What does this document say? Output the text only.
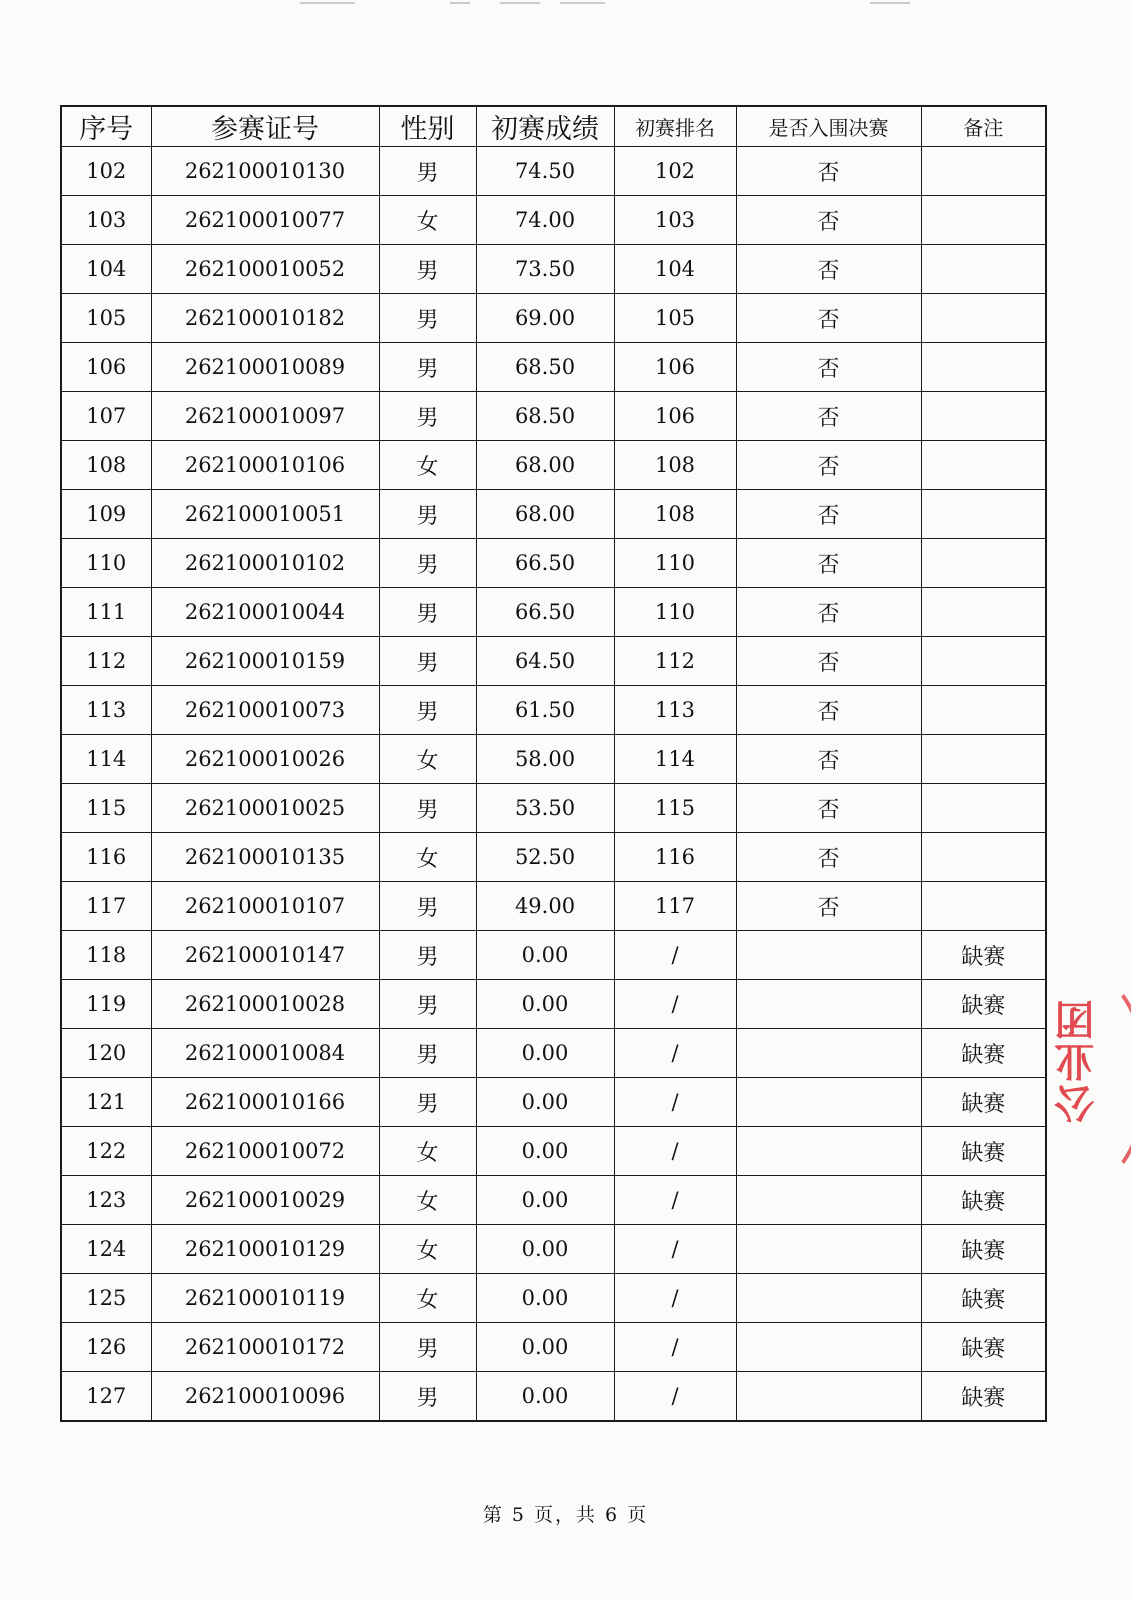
序号	参赛证号	性别	初赛成绩	初赛排名	是否入围决赛	备注
102	262100010130	男	74.50	102	否	
103	262100010077	女	74.00	103	否	
104	262100010052	男	73.50	104	否	
105	262100010182	男	69.00	105	否	
106	262100010089	男	68.50	106	否	
107	262100010097	男	68.50	106	否	
108	262100010106	女	68.00	108	否	
109	262100010051	男	68.00	108	否	
110	262100010102	男	66.50	110	否	
111	262100010044	男	66.50	110	否	
112	262100010159	男	64.50	112	否	
113	262100010073	男	61.50	113	否	
114	262100010026	女	58.00	114	否	
115	262100010025	男	53.50	115	否	
116	262100010135	女	52.50	116	否	
117	262100010107	男	49.00	117	否	
118	262100010147	男	0.00	/		缺赛
119	262100010028	男	0.00	/		缺赛
120	262100010084	男	0.00	/		缺赛
121	262100010166	男	0.00	/		缺赛
122	262100010072	女	0.00	/		缺赛
123	262100010029	女	0.00	/		缺赛
124	262100010129	女	0.00	/		缺赛
125	262100010119	女	0.00	/		缺赛
126	262100010172	男	0.00	/		缺赛
127	262100010096	男	0.00	/		缺赛
公业团
第 5 页，共 6 页
